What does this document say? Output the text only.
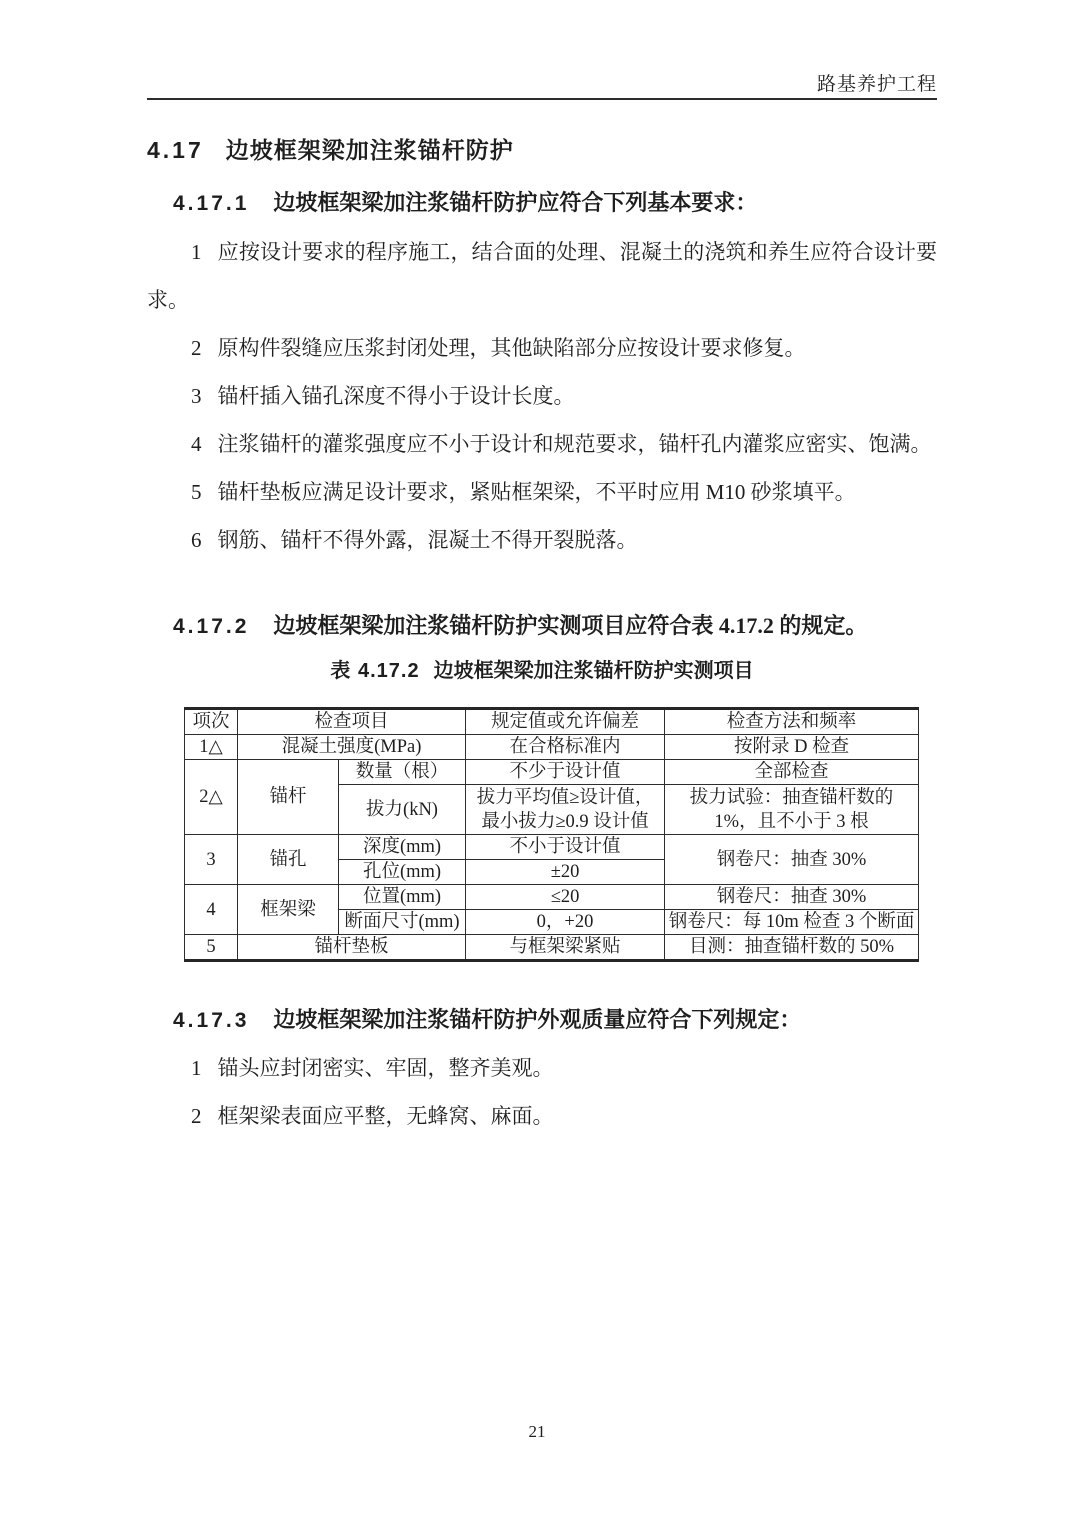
路基养护工程
4.17 边坡框架梁加注浆锚杆防护
4.17.1 边坡框架梁加注浆锚杆防护应符合下列基本要求：

1 应按设计要求的程序施工，结合面的处理、混凝土的浇筑和养生应符合设计要求。

2 原构件裂缝应压浆封闭处理，其他缺陷部分应按设计要求修复。

3 锚杆插入锚孔深度不得小于设计长度。

4 注浆锚杆的灌浆强度应不小于设计和规范要求，锚杆孔内灌浆应密实、饱满。

5 锚杆垫板应满足设计要求，紧贴框架梁，不平时应用 M10 砂浆填平。

6 钢筋、锚杆不得外露，混凝土不得开裂脱落。

4.17.2 边坡框架梁加注浆锚杆防护实测项目应符合表 4.17.2 的规定。
表 4.17.2 边坡框架梁加注浆锚杆防护实测项目
项次	检查项目		规定值或允许偏差	检查方法和频率
1△	混凝土强度(MPa)		在合格标准内	按附录 D 检查
2△	锚杆	数量（根）	不少于设计值	全部检查
		拔力(kN)	拔力平均值≥设计值，最小拔力≥0.9 设计值	拔力试验：抽查锚杆数的 1%，且不小于 3 根
3	锚孔	深度(mm)	不小于设计值	钢卷尺：抽查 30%
		孔位(mm)	±20	
4	框架梁	位置(mm)	≤20	钢卷尺：抽查 30%
		断面尺寸(mm)	0，+20	钢卷尺：每 10m 检查 3 个断面
5	锚杆垫板		与框架梁紧贴	目测：抽查锚杆数的 50%
4.17.3 边坡框架梁加注浆锚杆防护外观质量应符合下列规定：

1 锚头应封闭密实、牢固，整齐美观。

2 框架梁表面应平整，无蜂窝、麻面。

21
